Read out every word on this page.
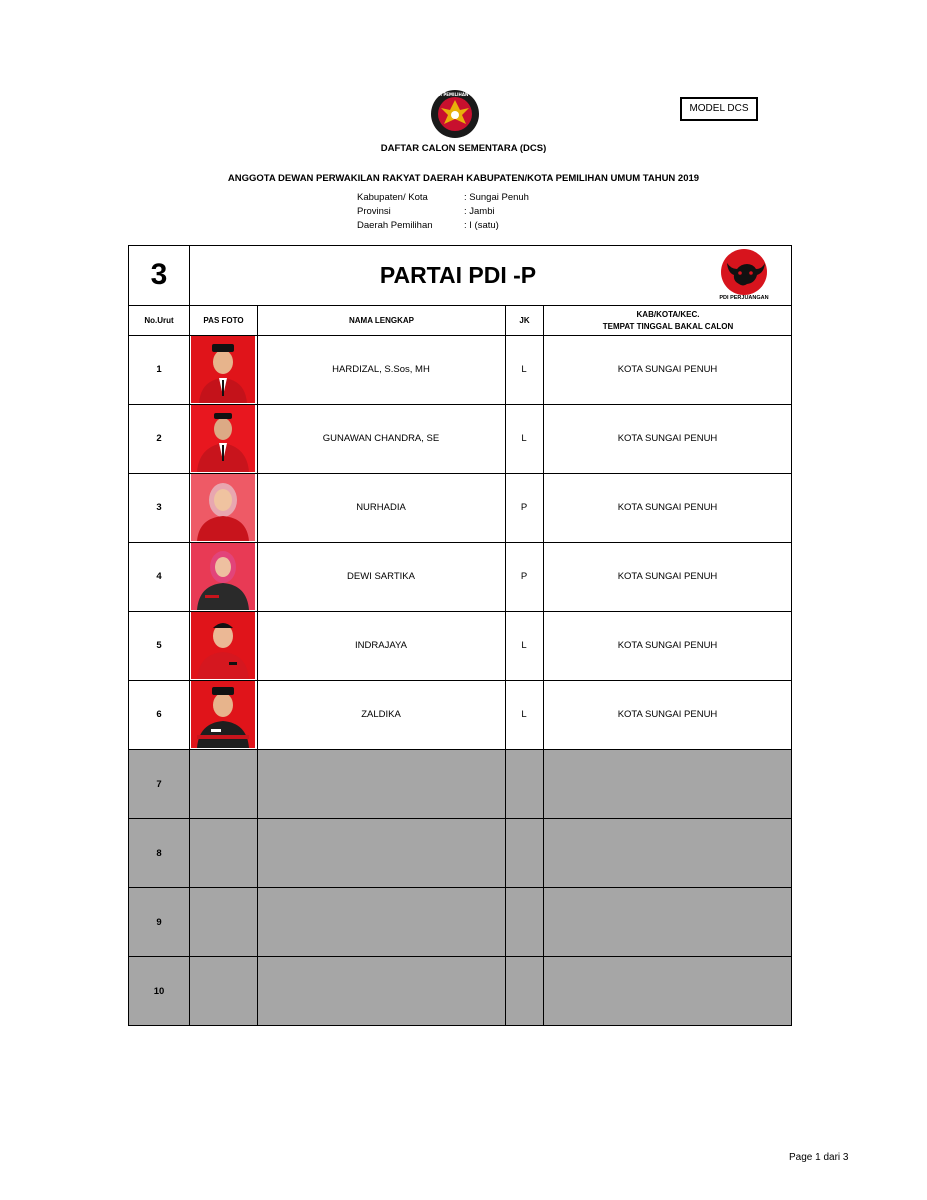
KOMISI PEMILIHAN UMUM
MODEL DCS
DAFTAR CALON SEMENTARA (DCS)
ANGGOTA DEWAN PERWAKILAN RAKYAT DAERAH KABUPATEN/KOTA PEMILIHAN UMUM TAHUN 2019
Kabupaten/ Kota	: Sungai Penuh
Provinsi	: Jambi
Daerah Pemilihan	: I (satu)
3	PARTAI PDI -P
PDI PERJUANGAN
No.Urut	PAS FOTO	NAMA LENGKAP	JK
KAB/KOTA/KEC.
TEMPAT TINGGAL BAKAL CALON
1	HARDIZAL, S.Sos, MH	L	KOTA SUNGAI PENUH
2	GUNAWAN CHANDRA, SE	L	KOTA SUNGAI PENUH
3	NURHADIA	P	KOTA SUNGAI PENUH
4	DEWI SARTIKA	P	KOTA SUNGAI PENUH
5	INDRAJAYA	L	KOTA SUNGAI PENUH
6	ZALDIKA	L	KOTA SUNGAI PENUH
7
8
9
10
Page 1 dari 3
